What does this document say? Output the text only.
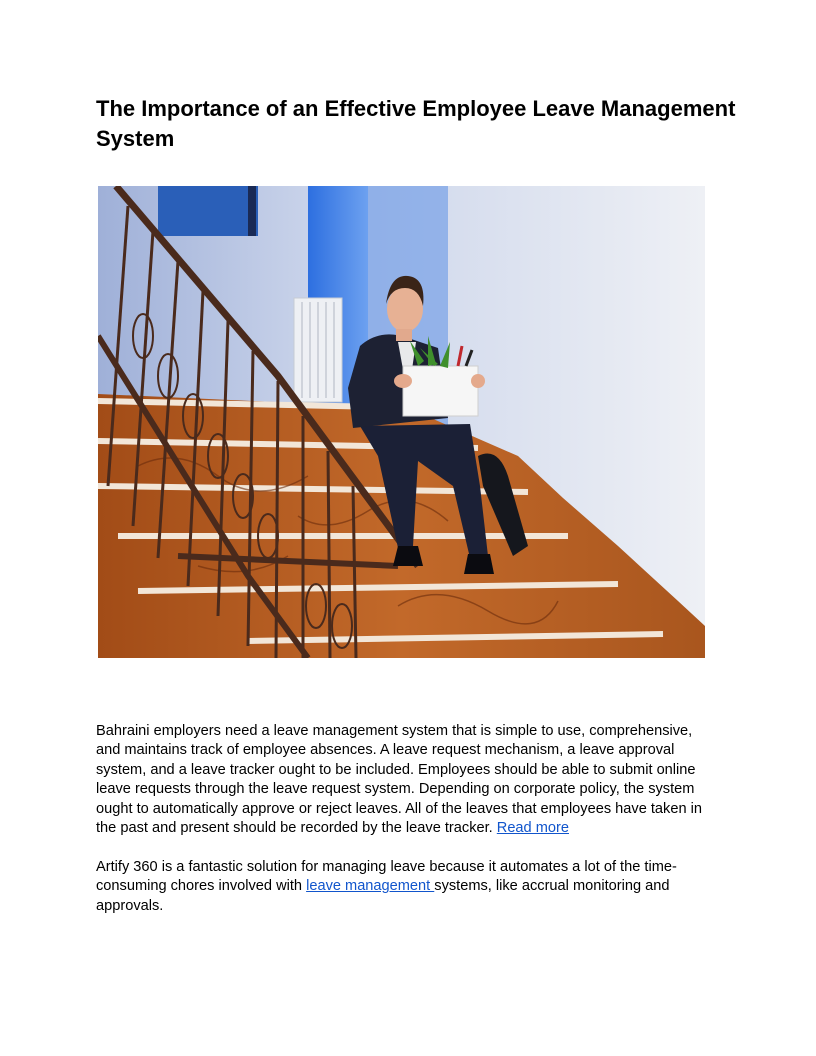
The Importance of an Effective Employee Leave Management System

Bahraini employers need a leave management system that is simple to use, comprehensive, and maintains track of employee absences. A leave request mechanism, a leave approval system, and a leave tracker ought to be included. Employees should be able to submit online leave requests through the leave request system. Depending on corporate policy, the system ought to automatically approve or reject leaves. All of the leaves that employees have taken in the past and present should be recorded by the leave tracker. Read more

Artify 360 is a fantastic solution for managing leave because it automates a lot of the time-consuming chores involved with leave management systems, like accrual monitoring and approvals.
